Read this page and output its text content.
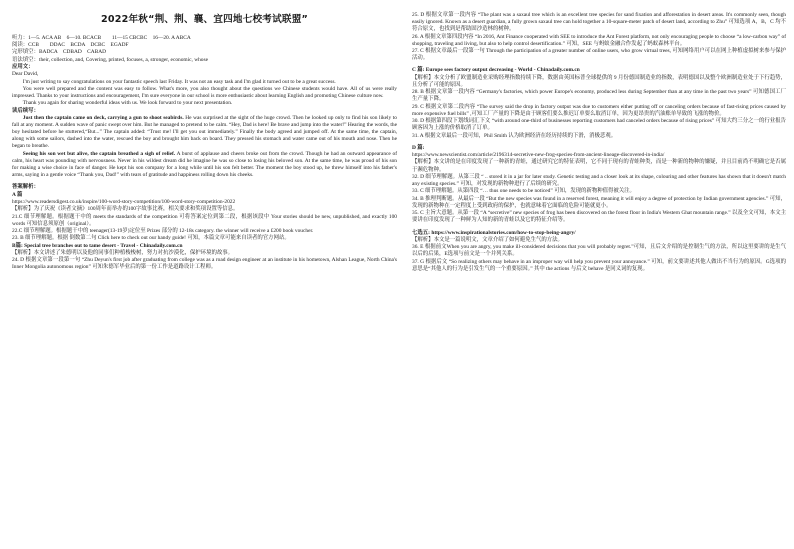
2022年秋“荆、荆、襄、宜四地七校考试联盟”

听力：1—5. ACA AB　6—10. BCACB　　11—15 CBCBC　16—20. A ABCA

阅读：CCB　　DDAC　BCDA　DCBC　EGADF

完形填空：BADCA　CDBAD　CABAD

语法填空：their, collection, and, Covering, printed, focuses, a, stronger, economic, whose

应用文：

Dear David,

I'm just writing to say congratulations on your fantastic speech last Friday. It was not an easy task and I'm glad it turned out to be a great success.

You were well prepared and the content was easy to follow. What's more, you also thought about the questions we Chinese students would have. All of us were really impressed. Thanks to your instructions and encouragement, I'm sure everyone in our school is more enthusiastic about learning English and promoting Chinese culture now.

Thank you again for sharing wonderful ideas with us. We look forward to your next presentation.

读后续写：

Just then the captain came on deck, carrying a gun to shoot seabirds. He was surprised at the sight of the huge crowd. Then he looked up only to find his son likely to fall at any moment. A sudden wave of panic swept over him. But he managed to pretend to be calm. “Hey, Dad is here! Be brave and jump into the water!” Hearing the words, the boy hesitated before he stuttered,“But...” The captain added: “Trust me! I'll get you out immediately.” Finally the body agreed and jumped off. At the same time, the captain, along with some sailors, dashed into the water, rescued the boy and brought him back on board. They pressed his stomach and water came out of his mouth and nose. Then he began to breathe.

Seeing his son wet but alive, the captain breathed a sigh of relief. A burst of applause and cheers broke out from the crowd. Though he had an outward appearance of calm, his heart was pounding with nervousness. Never in his wildest dream did he imagine he was so close to losing his beloved son. At the same time, he was proud of his son for making a wise choice in face of danger. He kept his son company for a long while until his son felt better. The moment the boy stood up, he threw himself into his father's arms, saying in a gentle voice “Thank you, Dad!” with tears of gratitude and happiness rolling down his cheeks.

答案解析：

A 篇

https://www.readersdigest.co.uk/inspire/100-word-story-competition/100-word-story-competition-2022

【解析】为了庆祝《读者文摘》100周年而举办的100字故事比赛，相关要求和奖项设置等信息。

21.C 细节理解题。根据题干中的 meets the standards of the competition 可将答案定位到第二段，根据该段中 Your stories should be new, unpublished, and exactly 100 words 可知信息须原创（original）。

22.C 细节理解题。根据题干中的 teenager(13-19岁)定位至 Prizes 部分的 12-18s category. the winner will receive a £200 book voucher.

23. B 细节理解题。根据 倒数第二句 Click here to check out our handy guide! 可知，本篇文章可能来自读者的官方网站。

B篇: Special tree branches out to tame desert - Travel - Chinadaily.com.cn

【解析】本文讲述了朱德明以及他的同事们种植梭梭树，努力对抗沙漠化，保护环境的故事。

24. D 根据文章第一段第一句 “Zhu Deyun's first job after graduating from college was as a road design engineer at an institute in his hometown, Alshan League, North China's Inner Mongolia autonomous region” 可知朱德军毕业后的第一份工作是道路设计工程师。

25. D 根据文章第一段内容 “The plant was a saxaul tree which is an excellent tree species for sand fixation and afforestation in desert areas. It's commonly seen, though easily ignored. Known as a desert guardian, a fully grown saxaul tree can hold together a 10-square-meter patch of desert land, according to Zhu” 可知选项 A，B，C 均不符合原文，也找到是帮助固沙造林的树种。

26. A 根据文章第四段内容 “In 2016, Ant Finance cooperated with SEE to introduce the Ant Forest platform, not only encouraging people to choose “a low-carbon way” of shopping, traveling and living, but also to help control desertification.” 可知，SEE 与蚂蚁金融合作发起了蚂蚁森林平台。

27. C 根据文章最后一段第一句 Through the participation of a greater number of online users, who grow virtual trees, 可知网络用户可以在网上种植虚拟树来参与保护活动。

C 篇: Europe sees factory output decreasing - World - Chinadaily.com.cn

【解析】本文分析了欧盟制造业采购经理指数持续下降，数据由英国标普全球提供的 9 月份德国制造业的指数，表明德国以及整个欧洲制造业处于下行趋势，且分析了可能的原因。

28. B 根据文章第一段内容 “Germany's factories, which power Europe's economy, produced less during September than at any time in the past two years” 可知德国工厂生产量下降。

29. C 根据文章第二段内容 “The survey said the drop in factory output was due to customers either putting off or canceling orders because of fast-rising prices caused by more expensive fuel bills” ,可知工厂产量的下降是由于顾客们要么推迟订单要么取消订单，因为更昂贵的汽油账单导致的飞涨的物价。

30. D 根据第四段下划线词汇下文 “with around one-third of businesses reporting customers had canceled orders because of rising prices” 可知大约三分之一的行业报告顾客因为上涨的价格取消了订单。

31. A 根据文章最后一段可知，Phil Smith 认为欧洲经济在经历持续的下滑，消极悲观。

D 篇:

https://www.newscientist.com/article/2196314-secretive-new-frog-species-from-ancient-lineage-discovered-in-india/

【解析】本文讲的是在印度发现了一种新的青蛙，通过研究它的特征表明，它不同于现有的青蛙种类，而是一种新的物种的嫌疑，并且目前尚不明确它是否属于濒危物种。

32. D 细节理解题。从第三段 “ .. stored it in a jar for later study. Genetic testing and a closer look at its shape, colouring and other features has shown that it doesn't match any existing species.” 可知，对发现的新物种进行了后续的研究。

33. C 细节理解题。从第四段 “… thus one needs to be noticed” 可知，发现的新物种值得被关注。

34. B 推理判断题。从最后一段 “But the new species was found in a reserved forest, meaning it will enjoy a degree of protection by Indian government agencies.” 可知，发现的新物种在一定程度上受到政府的保护，也就意味着它面临的危险可能就更小。

35. C 主旨大意题。从第一段 “A “secretive” new species of frog has been discovered on the forest floor in India's Western Ghat mountain range.” 以及全文可知，本文主要讲在印度发现了一种鲜为人知的新的青蛙以及它的特征介绍等。

七选五: https://www.inspirationalstories.com/how-to-stop-being-angry/

【解析】本文是一篇说明文，文章介绍了如何避免生气的方法。

36. E 根据前文When you are angry, you make ill-considered decisions that you will probably regret.”可知，且后文介绍的是控制生气的方法，所以这里要讲的是生气以后的后果，E选项与前文是一个并列关系。

37. G 根据后文 “So realizing others may behave in an improper way will help you prevent your annoyance.” 可知，前文要讲述其他人做出不当行为的原因。G选项的意思是“其他人的行为是引发生气的一个重要原因。” 其中 the actions 与后文 behave 是同义词的复现。
